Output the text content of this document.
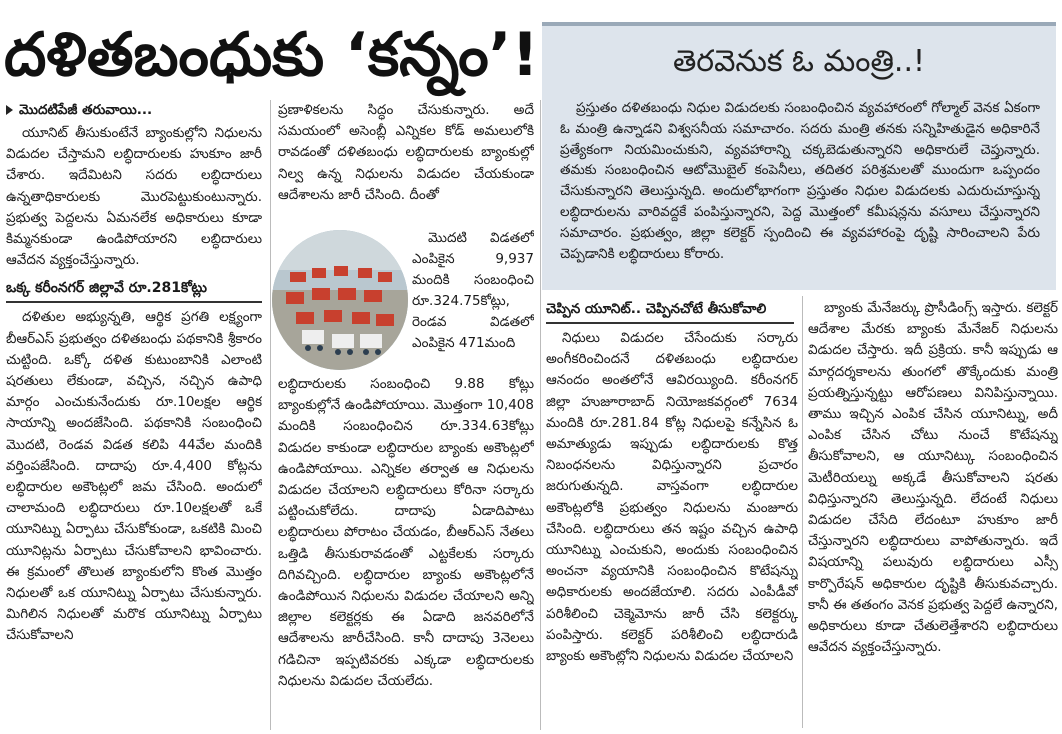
దళితబంధుకు ‘కన్నం’!
మొదటిపేజీ తరువాయి...

యూనిట్ తీసుకుంటేనే బ్యాంకుల్లోని నిధులను విడుదల చేస్తామని లబ్ధిదారులకు హుకూం జారీ చేశారు. ఇదేమిటని సదరు లబ్ధిదారులు ఉన్నతాధికారులకు మొరపెట్టుకుంటున్నారు. ప్రభుత్వ పెద్దలను ఏమనలేక అధికారులు కూడా కిమ్మనకుండా ఉండిపోయారని లబ్ధిదారులు ఆవేదన వ్యక్తంచేస్తున్నారు.

ఒక్క కరీంనగర్ జిల్లావే రూ.281కోట్లు

దళితుల అభ్యున్నతి, ఆర్థిక ప్రగతి లక్ష్యంగా బీఆర్ఎస్ ప్రభుత్వం దళితబంధు పథకానికి శ్రీకారం చుట్టింది. ఒక్కో దళిత కుటుంబానికి ఎలాంటి షరతులు లేకుండా, వచ్చిన, నచ్చిన ఉపాధి మార్గం ఎంచుకునేందుకు రూ.10లక్షల ఆర్థిక సాయాన్ని అందజేసింది. పథకానికి సంబంధించి మొదటి, రెండవ విడత కలిపి 44వేల మందికి వర్తింపజేసింది. దాదాపు రూ.4,400 కోట్లను లబ్ధిదారుల అకౌంట్లలో జమ చేసింది. అందులో చాలామంది లబ్ధిదారులు రూ.10లక్షలతో ఒకే యూనిట్ను ఏర్పాటు చేసుకోకుండా, ఒకటికి మించి యూనిట్లను ఏర్పాటు చేసుకోవాలని భావించారు. ఈ క్రమంలో తొలుత బ్యాంకులోని కొంత మొత్తం నిధులతో ఒక యూనిట్ను ఏర్పాటు చేసుకున్నారు. మిగిలిన నిధులతో మరొక యూనిట్ను ఏర్పాటు చేసుకోవాలని

ప్రణాళికలను సిద్ధం చేసుకున్నారు. అదే సమయంలో అసెంబ్లీ ఎన్నికల కోడ్ అమలులోకి రావడంతో దళితబంధు లబ్ధిదారులకు బ్యాంకుల్లో నిల్వ ఉన్న నిధులను విడుదల చేయకుండా ఆదేశాలను జారీ చేసింది. దీంతో

మొదటి విడతలో ఎంపికైన 9,937 మందికి సంబంధించి రూ.324.75కోట్లు, రెండవ విడతలో ఎంపికైన 471మంది

లబ్ధిదారులకు సంబంధించి 9.88 కోట్లు బ్యాంకుల్లోనే ఉండిపోయాయి. మొత్తంగా 10,408 మందికి సంబంధించిన రూ.334.63కోట్లు విడుదల కాకుండా లబ్ధిదారుల బ్యాంకు అకౌంట్లలో ఉండిపోయాయి. ఎన్నికల తర్వాత ఆ నిధులను విడుదల చేయాలని లబ్ధిదారులు కోరినా సర్కారు పట్టించుకోలేదు. దాదాపు ఏడాదిపాటు లబ్ధిదారులు పోరాటం చేయడం, బీఆర్ఎస్ నేతలు ఒత్తిడి తీసుకురావడంతో ఎట్టకేలకు సర్కారు దిగివచ్చింది. లబ్ధిదారుల బ్యాంకు అకౌంట్లలోనే ఉండిపోయిన నిధులను విడుదల చేయాలని అన్ని జిల్లాల కలెక్టర్లకు ఈ ఏడాది జనవరిలోనే ఆదేశాలను జారీచేసింది. కానీ దాదాపు 3నెలలు గడిచినా ఇప్పటివరకు ఎక్కడా లబ్ధిదారులకు నిధులను విడుదల చేయలేదు.

తెరవెనుక ఓ మంత్రి..!

ప్రస్తుతం దళితబంధు నిధుల విడుదలకు సంబంధించిన వ్యవహారంలో గోల్మాల్ వెనక ఏకంగా ఓ మంత్రి ఉన్నాడని విశ్వసనీయ సమాచారం. సదరు మంత్రి తనకు సన్నిహితుడైన అధికారినే ప్రత్యేకంగా నియమించుకుని, వ్యవహారాన్ని చక్కబెడుతున్నారని అధికారులే చెప్తున్నారు. తమకు సంబంధించిన ఆటోమొబైల్ కంపెనీలు, తదితర పరిశ్రమలతో ముందుగా ఒప్పందం చేసుకున్నారని తెలుస్తున్నది. అందులోభాగంగా ప్రస్తుతం నిధుల విడుదలకు ఎదురుచూస్తున్న లబ్ధిదారులను వారివద్దకే పంపిస్తున్నారని, పెద్ద మొత్తంలో కమీషన్లను వసూలు చేస్తున్నారని సమాచారం. ప్రభుత్వం, జిల్లా కలెక్టర్ స్పందించి ఈ వ్యవహారంపై దృష్టి సారించాలని పేరు చెప్పడానికి లబ్ధిదారులు కోరారు.

చెప్పిన యూనిట్.. చెప్పినచోటే తీసుకోవాలి

నిధులు విడుదల చేసేందుకు సర్కారు అంగీకరించిందనే దళితబంధు లబ్ధిదారుల ఆనందం అంతలోనే ఆవిరయ్యింది. కరీంనగర్ జిల్లా హుజూరాబాద్ నియోజకవర్గంలో 7634 మందికి రూ.281.84 కోట్ల నిధులపై కన్నేసిన ఓ అమాత్యుడు ఇప్పుడు లబ్ధిదారులకు కొత్త నిబంధనలను విధిస్తున్నారని ప్రచారం జరుగుతున్నది. వాస్తవంగా లబ్ధిదారుల అకౌంట్లలోకి ప్రభుత్వం నిధులను మంజూరు చేసింది. లబ్ధిదారులు తన ఇష్టం వచ్చిన ఉపాధి యూనిట్ను ఎంచుకుని, అందుకు సంబంధించిన అంచనా వ్యయానికి సంబంధించిన కొటేషన్ను అధికారులకు అందజేయాలి. సదరు ఎంపీడీవో పరిశీలించి చెక్మెమోను జారీ చేసి కలెక్టర్కు పంపిస్తారు. కలెక్టర్ పరిశీలించి లబ్ధిదారుడి బ్యాంకు అకౌంట్లోని నిధులను విడుదల చేయాలని

బ్యాంకు మేనేజర్కు ప్రొసీడింగ్స్ ఇస్తారు. కలెక్టర్ ఆదేశాల మేరకు బ్యాంకు మేనేజర్ నిధులను విడుదల చేస్తారు. ఇదీ ప్రక్రియ. కానీ ఇప్పుడు ఆ మార్గదర్శకాలను తుంగలో తొక్కేందుకు మంత్రి ప్రయత్నిస్తున్నట్టు ఆరోపణలు వినిపిస్తున్నాయి. తాము ఇచ్చిన ఎంపిక చేసిన యూనిట్ను, అదీ ఎంపిక చేసిన చోటు నుంచే కొటేషన్ను తీసుకోవాలని, ఆ యూనిట్కు సంబంధించిన మెటీరియల్ను అక్కడే తీసుకోవాలని షరతు విధిస్తున్నారని తెలుస్తున్నది. లేదంటే నిధులు విడుదల చేసేది లేదంటూ హుకూం జారీ చేస్తున్నారని లబ్ధిదారులు వాపోతున్నారు. ఇదే విషయాన్ని పలువురు లబ్ధిదారులు ఎస్సీ కార్పొరేషన్ అధికారుల దృష్టికి తీసుకువచ్చారు. కానీ ఈ తతంగం వెనక ప్రభుత్వ పెద్దలే ఉన్నారని, అధికారులు కూడా చేతులెత్తేశారని లబ్ధిదారులు ఆవేదన వ్యక్తంచేస్తున్నారు.
